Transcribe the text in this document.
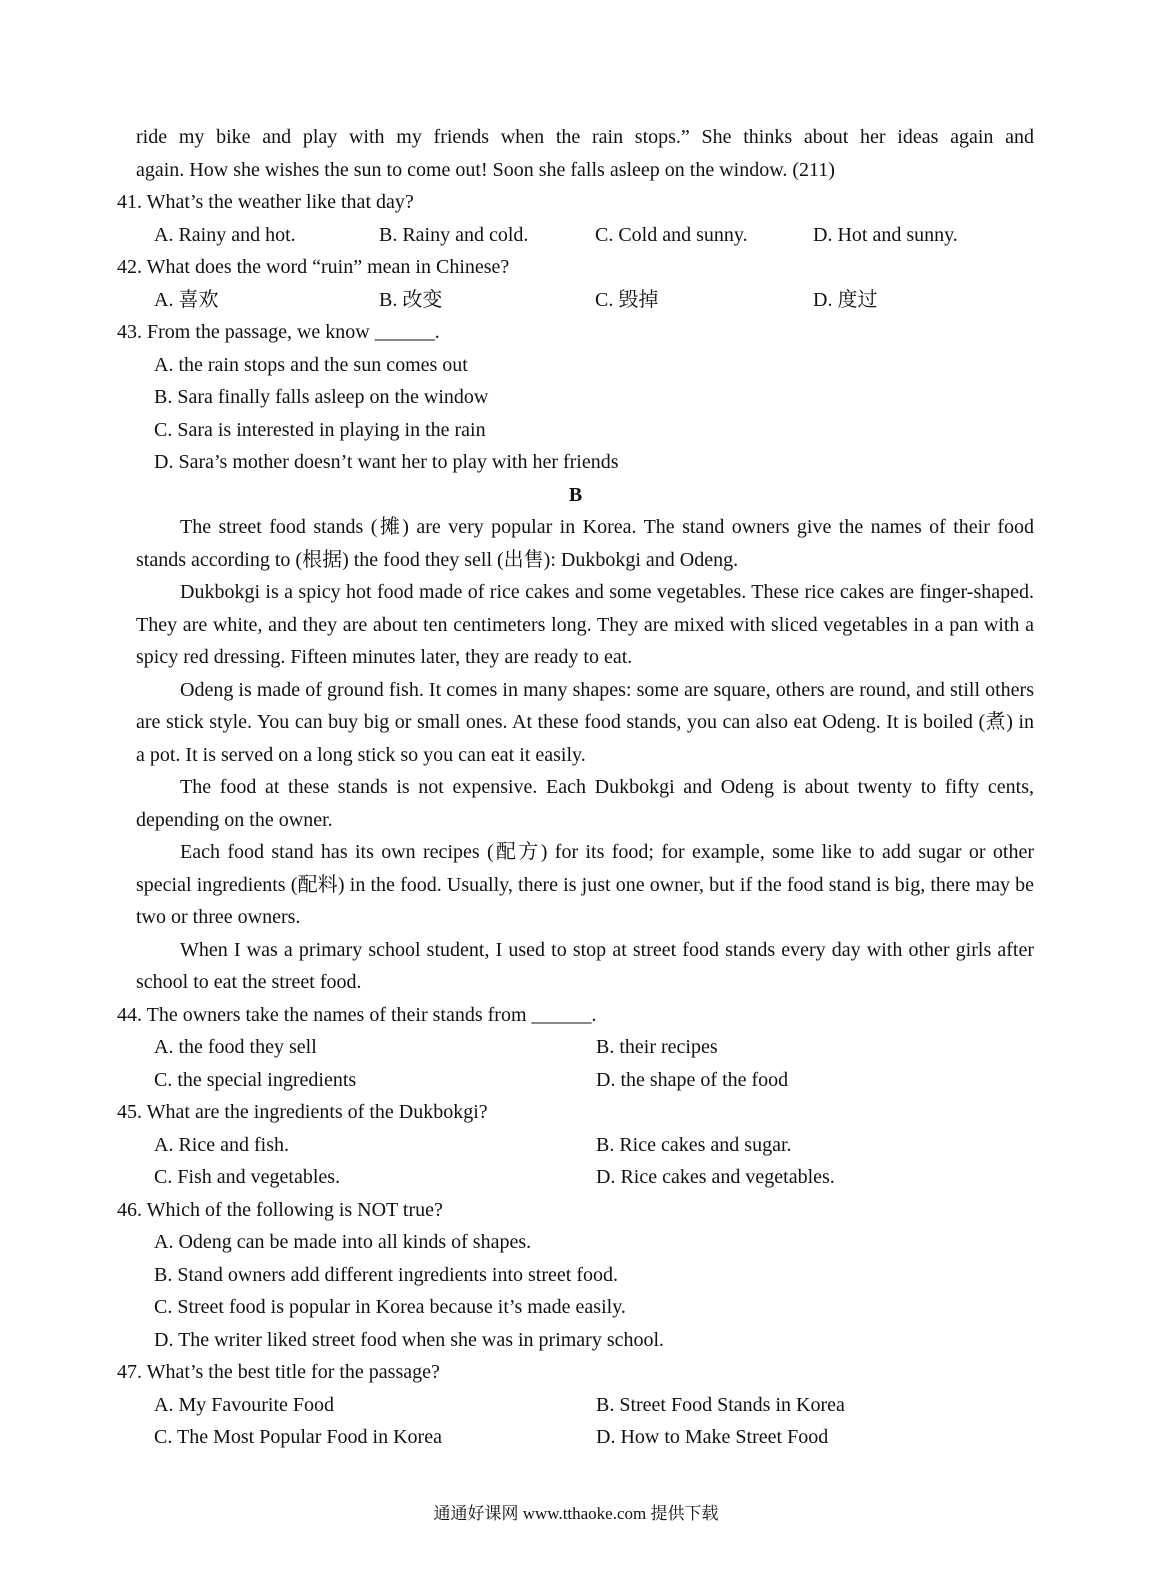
ride my bike and play with my friends when the rain stops.” She thinks about her ideas again and
again. How she wishes the sun to come out! Soon she falls asleep on the window. (211)
41. What’s the weather like that day?
A. Rainy and hot.	B. Rainy and cold.	C. Cold and sunny.	D. Hot and sunny.
42. What does the word “ruin” mean in Chinese?
A. 喜欢	B. 改变	C. 毁掉	D. 度过
43. From the passage, we know ______.
A. the rain stops and the sun comes out
B. Sara finally falls asleep on the window
C. Sara is interested in playing in the rain
D. Sara’s mother doesn’t want her to play with her friends
B
The street food stands (摊) are very popular in Korea. The stand owners give the names of their food stands according to (根据) the food they sell (出售): Dukbokgi and Odeng.
Dukbokgi is a spicy hot food made of rice cakes and some vegetables. These rice cakes are finger-shaped. They are white, and they are about ten centimeters long. They are mixed with sliced vegetables in a pan with a spicy red dressing. Fifteen minutes later, they are ready to eat.
Odeng is made of ground fish. It comes in many shapes: some are square, others are round, and still others are stick style. You can buy big or small ones. At these food stands, you can also eat Odeng. It is boiled (煮) in a pot. It is served on a long stick so you can eat it easily.
The food at these stands is not expensive. Each Dukbokgi and Odeng is about twenty to fifty cents, depending on the owner.
Each food stand has its own recipes (配方) for its food; for example, some like to add sugar or other special ingredients (配料) in the food. Usually, there is just one owner, but if the food stand is big, there may be two or three owners.
When I was a primary school student, I used to stop at street food stands every day with other girls after school to eat the street food.
44. The owners take the names of their stands from ______.
A. the food they sell	B. their recipes
C. the special ingredients	D. the shape of the food
45. What are the ingredients of the Dukbokgi?
A. Rice and fish.	B. Rice cakes and sugar.
C. Fish and vegetables.	D. Rice cakes and vegetables.
46. Which of the following is NOT true?
A. Odeng can be made into all kinds of shapes.
B. Stand owners add different ingredients into street food.
C. Street food is popular in Korea because it’s made easily.
D. The writer liked street food when she was in primary school.
47. What’s the best title for the passage?
A. My Favourite Food	B. Street Food Stands in Korea
C. The Most Popular Food in Korea	D. How to Make Street Food
通通好课网 www.tthaoke.com 提供下载
